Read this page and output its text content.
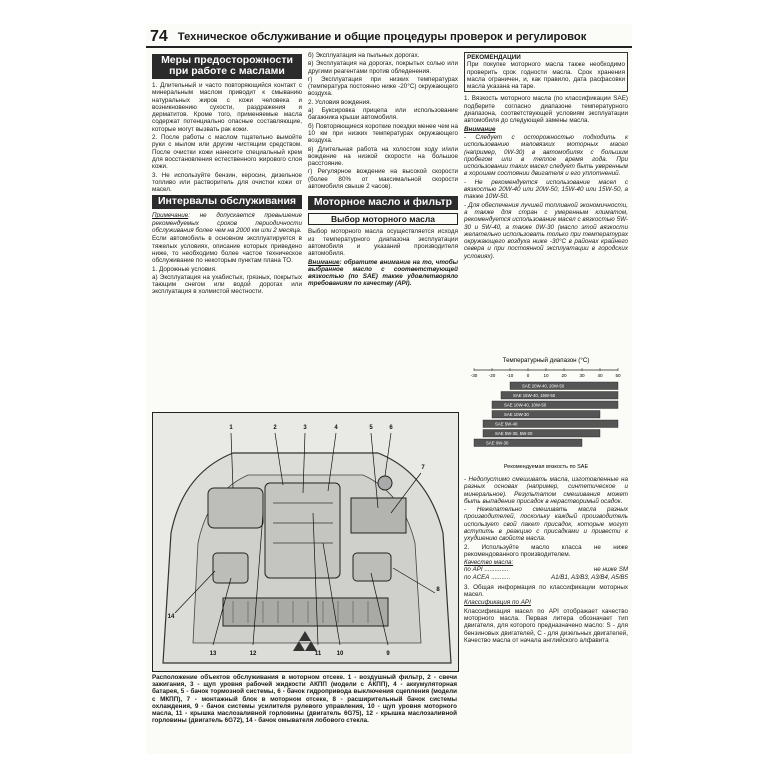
74 Техническое обслуживание и общие процедуры проверок и регулировок
Меры предосторожности при работе с маслами

1. Длительный и часто повторяющийся контакт с минеральным маслом приводит к смыванию натуральных жиров с кожи человека и возникновению сухости, раздражения и дерматитов. Кроме того, применяемые масла содержат потенциально опасные составляющие, которые могут вызвать рак кожи.

2. После работы с маслом тщательно вымойте руки с мылом или другим чистящим средством. После очистки кожи нанесите специальный крем для восстановления естественного жирового слоя кожи.

3. Не используйте бензин, керосин, дизельное топливо или растворитель для очистки кожи от масел.

Интервалы обслуживания

Примечание: не допускается превышение рекомендуемых сроков периодичности обслуживания более чем на 2000 км или 2 месяца.

Если автомобиль в основном эксплуатируется в тяжелых условиях, описание которых приведено ниже, то необходимо более частое техническое обслуживание по некоторым пунктам плана ТО.

1. Дорожные условия.

а) Эксплуатация на ухабистых, грязных, покрытых тающим снегом или водой дорогах или эксплуатация в холмистой местности.

б) Эксплуатация на пыльных дорогах.

в) Эксплуатация на дорогах, покрытых солью или другими реагентами против обледенения.

г) Эксплуатация при низких температурах (температура постоянно ниже -20°С) окружающего воздуха.

2. Условия вождения.

а) Буксировка прицепа или использование багажника крыши автомобиля.

б) Повторяющиеся короткие поездки менее чем на 10 км при низких температурах окружающего воздуха.

в) Длительная работа на холостом ходу и/или вождение на низкой скорости на большое расстояние.

г) Регулярное вождение на высокой скорости (более 80% от максимальной скорости автомобиля свыше 2 часов).

Моторное масло и фильтр
Выбор моторного масла

Выбор моторного масла осуществляется исходя из температурного диапазона эксплуатации автомобиля и указаний производителя автомобиля.

Внимание: обратите внимание на то, чтобы выбранное масло с соответствующей вязкостью (по SAE) также удовлетворяло требованиям по качеству (API).

РЕКОМЕНДАЦИИ
При покупке моторного масла также необходимо проверить срок годности масла. Срок хранения масла ограничен, и, как правило, дата расфасовки масла указана на таре.

1. Вязкость моторного масла (по классификации SAE) подберите согласно диапазоне температурного диапазона, соответствующей условиям эксплуатации автомобиля до следующей замены масла.

Внимание

- Следует с осторожностью подходить к использованию маловязких моторных масел (например, 0W-30) в автомобилях с большим пробегом или в теплое время года. При использовании таких масел следует быть уверенным в хорошем состоянии двигателя и его уплотнений.

- Не рекомендуется использование масел с вязкостью 20W-40 или 20W-50, 15W-40 или 15W-50, а также 10W-50.

- Для обеспечения лучшей топливной экономичности, а также для стран с умеренным климатом, рекомендуется использование масел с вязкостью 5W-30 и 5W-40, а также 0W-30 (масло этой вязкости желательно использовать только при температурах окружающего воздуха ниже -30°С в районах крайнего севера и при постоянной эксплуатации в городских условиях).

Температурный диапазон (°С)
-30 -20 -10	0	10	20	30	40	50
SAE 20W-40, 20W-50
SAE 15W-40, 15W-50
SAE 10W-40, 10W-50
SAE 10W-30
SAE 5W-40
SAE 5W-30, 5W-20
SAE 0W-30
Рекомендуемая вязкость по SAE

- Недопустимо смешивать масла, изготовленные на разных основах (например, синтетическое и минеральное). Результатом смешивания может быть выпадение присадок в нерастворимый осадок.

- Нежелательно смешивать масла разных производителей, поскольку каждый производитель использует свой пакет присадок, которые могут вступить в реакцию с присадками и привести к ухудшению свойств масла.

2. Используйте масло класса не ниже рекомендованного производителем.

Качество масла:
по API ..............	не ниже SM
по ACEA ...........	A1/B1, A3/B3, A3/B4, A5/B5

3. Общая информация по классификации моторных масел.

Классификация по API

Классификация масел по API отображает качество моторного масла. Первая литера обозначает тип двигателя, для которого предназначено масло: S - для бензиновых двигателей, С - для дизельных двигателей, Качество масла от начала английского алфавита

1	2	3	4	5	6
7
8
9
10
11
12
13
14
Расположение объектов обслуживания в моторном отсеке. 1 - воздушный фильтр, 2 - свечи зажигания, 3 - щуп уровня рабочей жидкости АКПП (модели с АКПП), 4 - аккумуляторная батарея, 5 - бачок тормозной системы, 6 - бачок гидропривода выключения сцепления (модели с МКПП), 7 - монтажный блок в моторном отсеке, 8 - расширительный бачок системы охлаждения, 9 - бачок системы усилителя рулевого управления, 10 - щуп уровня моторного масла, 11 - крышка маслозаливной горловины (двигатель 6G75), 12 - крышка маслозаливной горловины (двигатель 6G72), 14 - бачок омывателя лобового стекла.
